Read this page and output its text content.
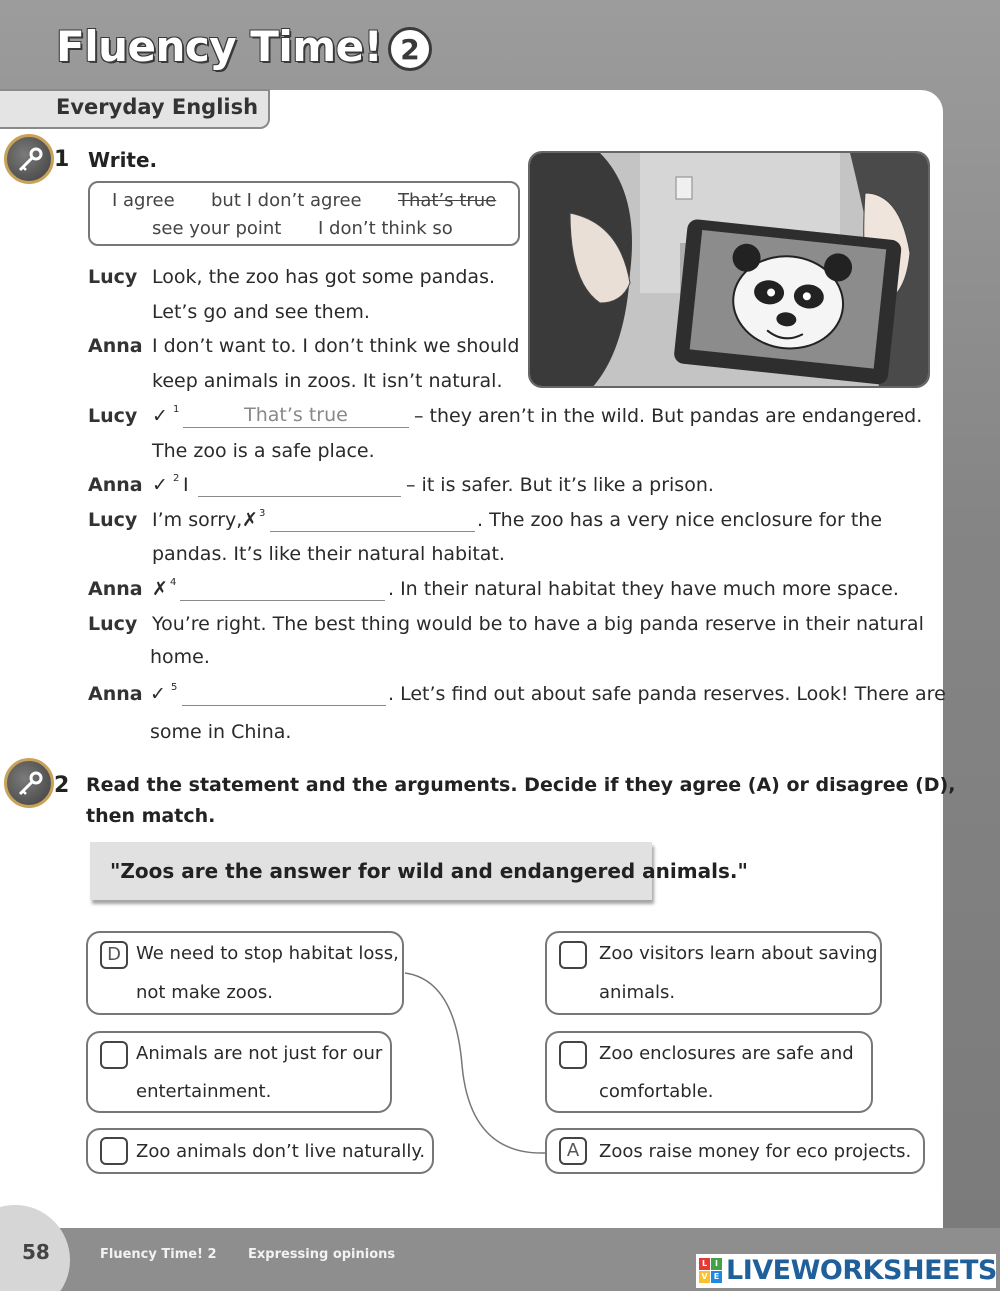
Fluency Time! 2
Everyday English
1 Write.
I agree but I don’t agree That’s true
see your point I don’t think so
Lucy Look, the zoo has got some pandas.
Let’s go and see them.
Anna I don’t want to. I don’t think we should
keep animals in zoos. It isn’t natural.
Lucy ✓ 1
That’s true	– they aren’t in the wild. But pandas are endangered.
The zoo is a safe place.
Anna ✓ 2 I	– it is safer. But it’s like a prison.
Lucy I’m sorry, ✗ 3	. The zoo has a very nice enclosure for the
pandas. It’s like their natural habitat.
Anna ✗ 4	. In their natural habitat they have much more space.
Lucy You’re right. The best thing would be to have a big panda reserve in their natural
home.
Anna ✓ 5	. Let’s find out about safe panda reserves. Look! There are
some in China.
2 Read the statement and the arguments. Decide if they agree (A) or disagree (D),
then match.
"Zoos are the answer for wild and endangered animals."
D We need to stop habitat loss,
not make zoos.
Animals are not just for our
entertainment.
Zoo animals don’t live naturally.
Zoo visitors learn about saving
animals.
Zoo enclosures are safe and
comfortable.
A	Zoos raise money for eco projects.
58	Fluency Time! 2 Expressing opinions
L I
V E LIVEWORKSHEETS
